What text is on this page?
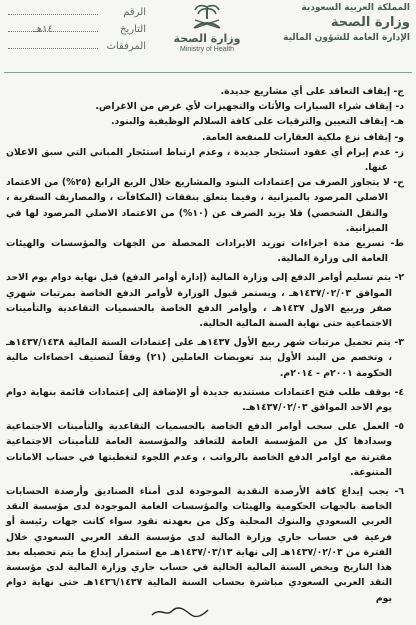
المملكة العربية السعودية
وزارة الصحة
الإدارة العامة للشؤون المالية
وزارة الصحة
Ministry of Health
الرقم
التاريخ
١٤هـ
المرفقات

ج- إيقاف التعاقد على أي مشاريع جديدة.

د- إيقاف شراء السيارات والأثاث والتجهيزات لأي غرض من الاغراض.

هـ- إيقاف التعيين والترقيات على كافة السلالم الوظيفية والبنود.

و- إيقاف نزع ملكية العقارات للمنفعة العامة.

ز- عدم إبرام أي عقود استئجار جديدة ، وعدم ارتباط استئجار المباني التي سبق الاعلان عنها.

ح- لا يتجاوز الصرف من إعتمادات البنود والمشاريع خلال الربع الرابع (٢٥%) من الاعتماد الاصلي المرصود بالميزانية ، وفيما يتعلق بنفقات (المكافآت ، والمصاريف السفرية ، والنقل الشخصي) فلا يزيد الصرف عن (١٠%) من الاعتماد الاصلي المرصود لها في الميزانية.

ط- تسريع مدة اجراءات توريد الايرادات المحصلة من الجهات والمؤسسات والهيئات العامة الى وزارة المالية.

٢- يتم تسليم أوامر الدفع إلى وزارة المالية (إدارة أوامر الدفع) قبل نهاية دوام يوم الاحد الموافق ١٤٣٧/٠٢/٠٣هـ ، ويستمر قبول الوزارة لأوامر الدفع الخاصة بمرتبات شهري صفر وربيع الاول ١٤٣٧هـ ، وأوامر الدفع الخاصة بالحسميات التقاعدية والتأمينات الاجتماعية حتى نهاية السنة المالية الحالية.

٣- يتم تحميل مرتبات شهر ربيع الأول ١٤٣٧هـ على إعتمادات السنة المالية ١٤٣٧/١٤٣٨هـ ، وتخصم من البند الأول بند تعويضات العاملين (٢١) وفقاً لتصنيف احصاءات مالية الحكومة ٢٠٠١م - ٢٠١٤م.

٤- يوقف طلب فتح اعتمادات مستنديه جديدة أو الإضافة إلى إعتمادات قائمة بنهاية دوام يوم الاحد الموافق ١٤٣٧/٠٢/٠٣هـ.

٥- العمل على سحب أوامر الدفع الخاصة بالحسميات التقاعدية والتأمينات الاجتماعية وسدادها كل من المؤسسة العامة للتعاقد والمؤسسة العامة للتأمينات الاجتماعية مقترنة مع اوامر الدفع الخاصة بالرواتب ، وعدم اللجوء لتغطيتها في حساب الامانات المتنوعة.

٦- يجب إيداع كافة الأرصدة النقدية الموجودة لدى أمناء الصناديق وأرصدة الحسابات الخاصة بالجهات الحكومية والهيئات والمؤسسات العامة الموجودة لدى مؤسسة النقد العربي السعودي والبنوك المحلية وكل من بعهدته نقود سواء كانت جهات رئيسة أو فرعية في حساب جاري وزارة المالية لدى مؤسسة النقد العربي السعودي خلال الفترة من ١٤٣٧/٠٢/٠٣هـ إلى نهاية ١٤٣٧/٠٣/١٣هـ مع استمرار إيداع ما يتم تحصيله بعد هذا التاريخ ويخص السنة المالية الحالية في حساب جاري وزارة المالية لدى مؤسسة النقد العربي السعودي مباشرة بحساب السنة المالية ١٤٣٦/١٤٣٧هـ حتى نهاية دوام يوم
